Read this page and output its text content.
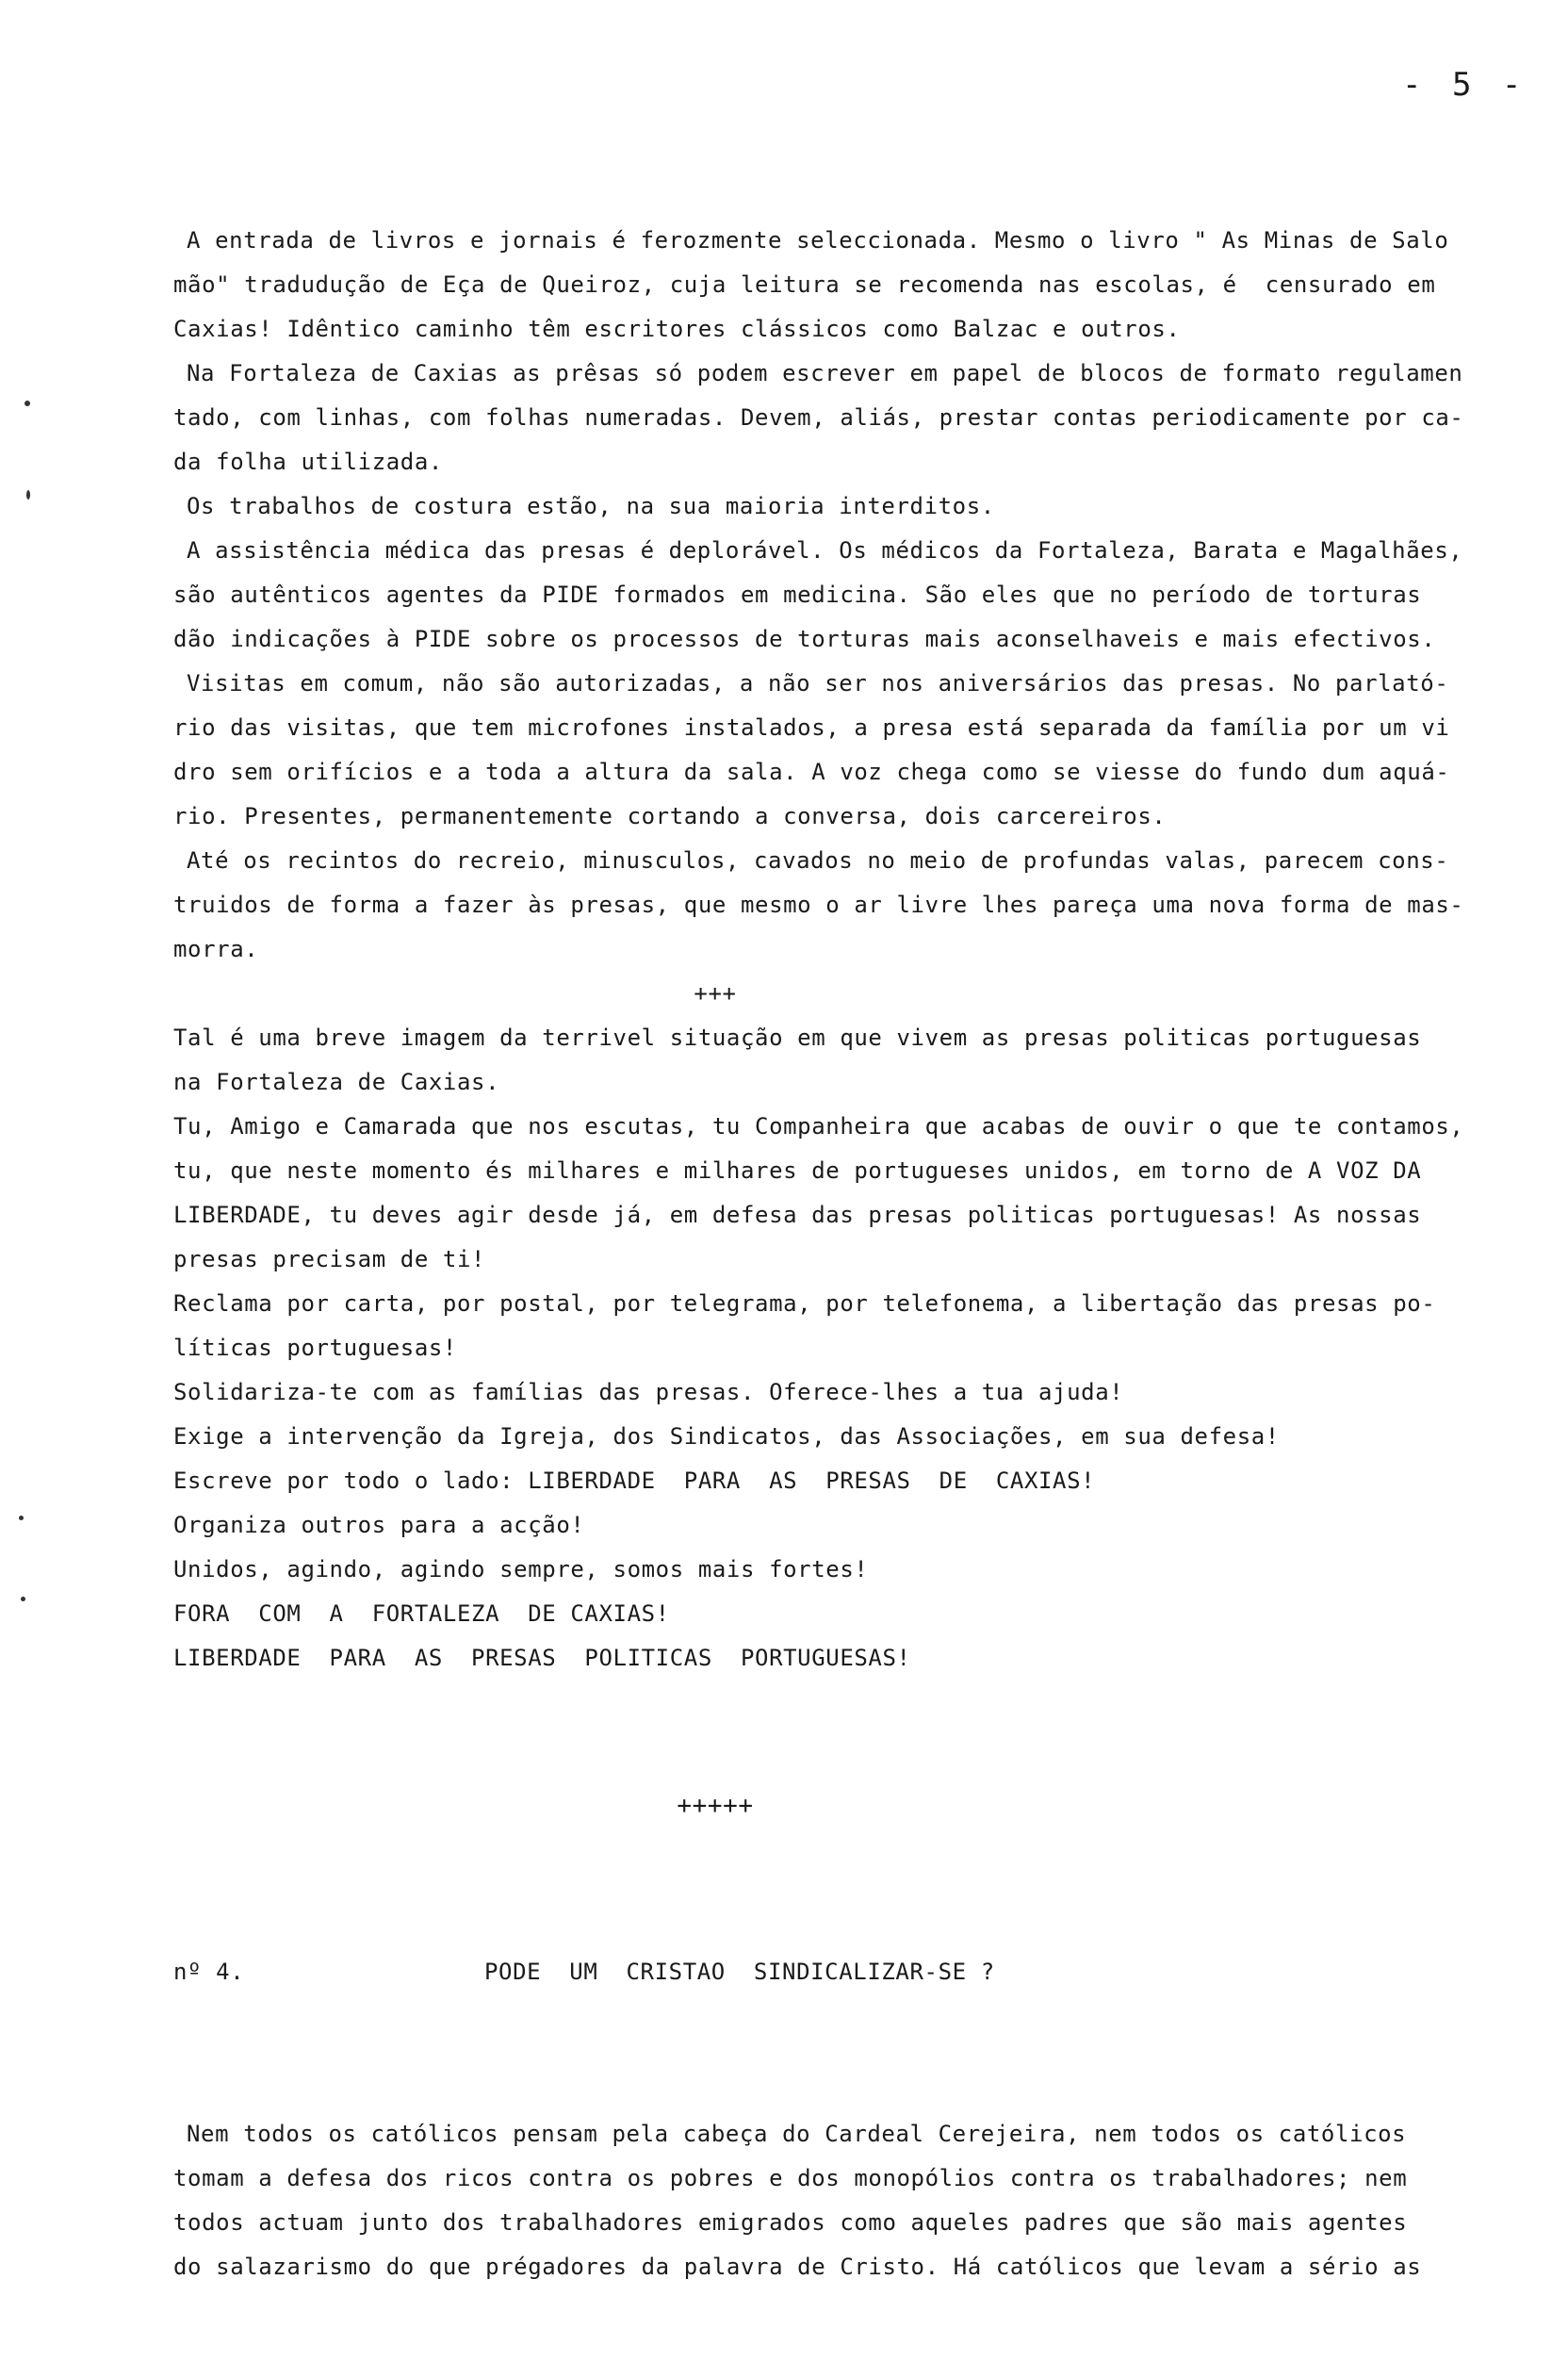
- 5 -

A entrada de livros e jornais é ferozmente seleccionada. Mesmo o livro " As Minas de Salo
mão" tradudução de Eça de Queiroz, cuja leitura se recomenda nas escolas, é  censurado em
Caxias! Idêntico caminho têm escritores clássicos como Balzac e outros.
Na Fortaleza de Caxias as prêsas só podem escrever em papel de blocos de formato regulamen
tado, com linhas, com folhas numeradas. Devem, aliás, prestar contas periodicamente por ca-
da folha utilizada.
Os trabalhos de costura estão, na sua maioria interditos.
A assistência médica das presas é deplorável. Os médicos da Fortaleza, Barata e Magalhães,
são autênticos agentes da PIDE formados em medicina. São eles que no período de torturas
dão indicações à PIDE sobre os processos de torturas mais aconselhaveis e mais efectivos.
Visitas em comum, não são autorizadas, a não ser nos aniversários das presas. No parlató-
rio das visitas, que tem microfones instalados, a presa está separada da família por um vi
dro sem orifícios e a toda a altura da sala. A voz chega como se viesse do fundo dum aquá-
rio. Presentes, permanentemente cortando a conversa, dois carcereiros.
Até os recintos do recreio, minusculos, cavados no meio de profundas valas, parecem cons-
truidos de forma a fazer às presas, que mesmo o ar livre lhes pareça uma nova forma de mas-
morra.
+++
Tal é uma breve imagem da terrivel situação em que vivem as presas politicas portuguesas
na Fortaleza de Caxias.
Tu, Amigo e Camarada que nos escutas, tu Companheira que acabas de ouvir o que te contamos,
tu, que neste momento és milhares e milhares de portugueses unidos, em torno de A VOZ DA
LIBERDADE, tu deves agir desde já, em defesa das presas politicas portuguesas! As nossas
presas precisam de ti!
Reclama por carta, por postal, por telegrama, por telefonema, a libertação das presas po-
líticas portuguesas!
Solidariza-te com as famílias das presas. Oferece-lhes a tua ajuda!
Exige a intervenção da Igreja, dos Sindicatos, das Associações, em sua defesa!
Escreve por todo o lado: LIBERDADE  PARA  AS  PRESAS  DE  CAXIAS!
Organiza outros para a acção!
Unidos, agindo, agindo sempre, somos mais fortes!
FORA  COM  A  FORTALEZA  DE CAXIAS!
LIBERDADE  PARA  AS  PRESAS  POLITICAS  PORTUGUESAS!

+++++

nº 4.	PODE  UM  CRISTAO  SINDICALIZAR-SE ?

Nem todos os católicos pensam pela cabeça do Cardeal Cerejeira, nem todos os católicos
tomam a defesa dos ricos contra os pobres e dos monopólios contra os trabalhadores; nem
todos actuam junto dos trabalhadores emigrados como aqueles padres que são mais agentes
do salazarismo do que prégadores da palavra de Cristo. Há católicos que levam a sério as
